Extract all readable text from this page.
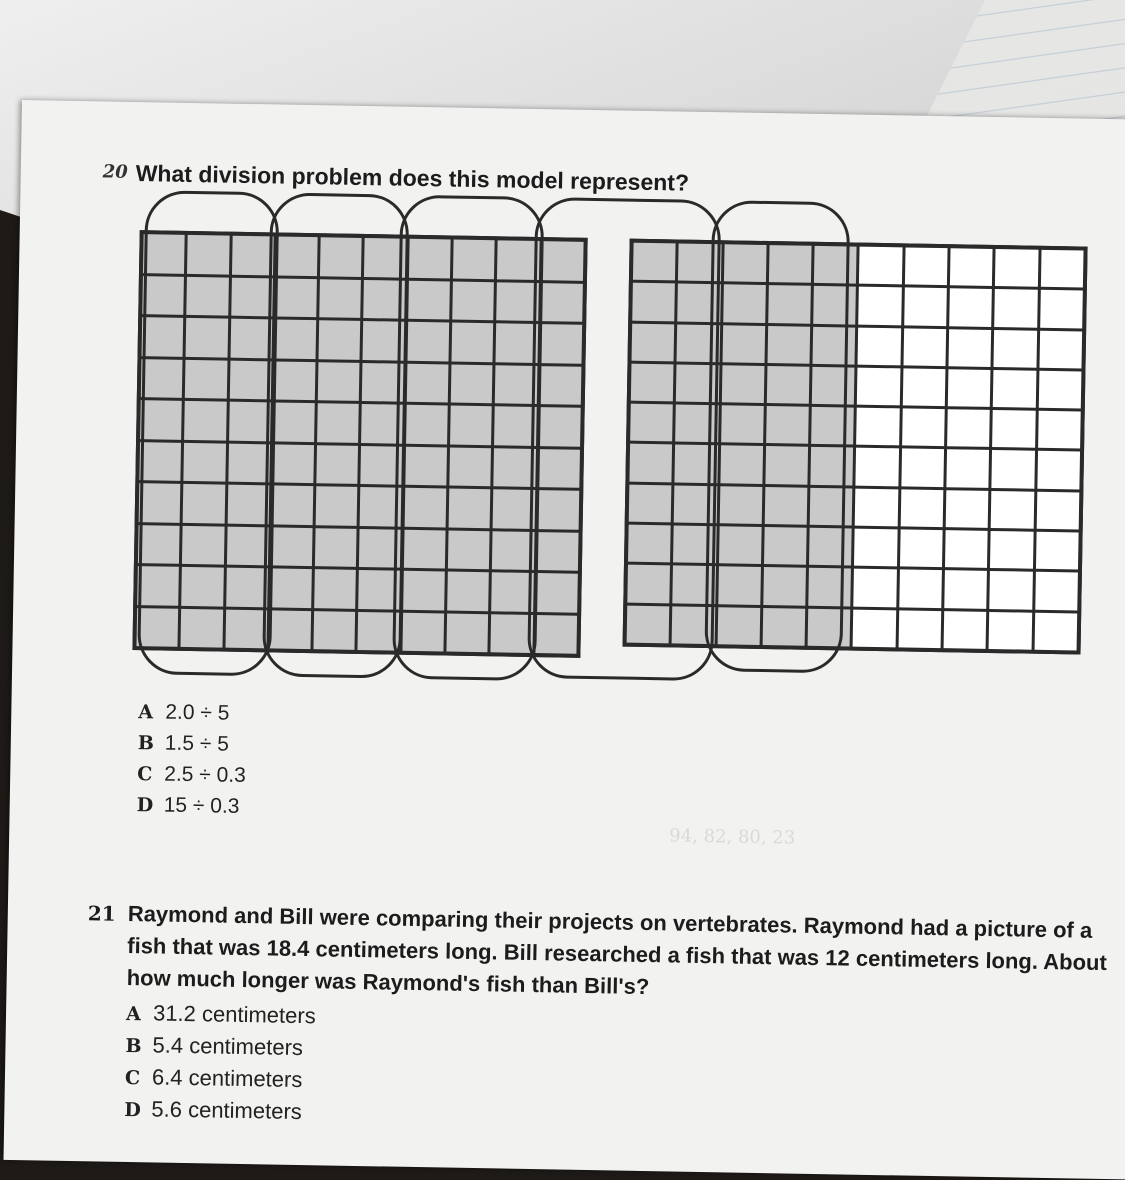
20 What division problem does this model represent?
A 2.0 ÷ 5
B 1.5 ÷ 5
C 2.5 ÷ 0.3
D 15 ÷ 0.3
94, 82, 80, 23
21 Raymond and Bill were comparing their projects on vertebrates. Raymond had a picture of a fish that was 18.4 centimeters long. Bill researched a fish that was 12 centimeters long. About how much longer was Raymond's fish than Bill's?
A 31.2 centimeters
B 5.4 centimeters
C 6.4 centimeters
D 5.6 centimeters
